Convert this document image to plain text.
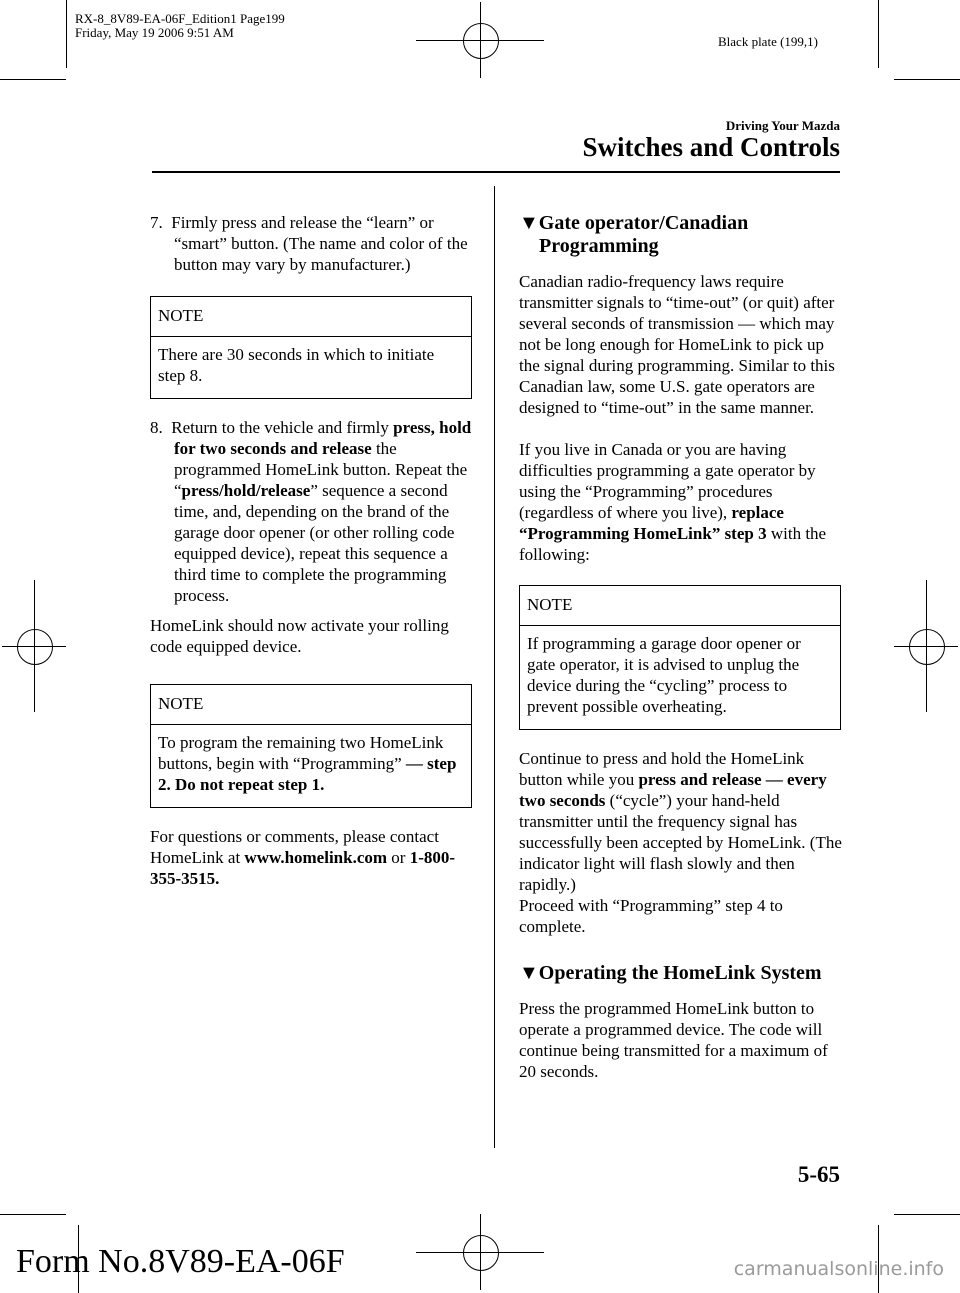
RX-8_8V89-EA-06F_Edition1 Page199
Friday, May 19 2006 9:51 AM
Black plate (199,1)
Driving Your Mazda
Switches and Controls

7. Firmly press and release the “learn” or “smart” button. (The name and color of the button may vary by manufacturer.)

NOTE
There are 30 seconds in which to initiate step 8.

8. Return to the vehicle and firmly press, hold for two seconds and release the programmed HomeLink button. Repeat the “press/hold/release” sequence a second time, and, depending on the brand of the garage door opener (or other rolling code equipped device), repeat this sequence a third time to complete the programming process.

HomeLink should now activate your rolling code equipped device.

NOTE
To program the remaining two HomeLink buttons, begin with “Programming” ― step 2. Do not repeat step 1.

For questions or comments, please contact HomeLink at www.homelink.com or 1-800-355-3515.

▼Gate operator/Canadian Programming

Canadian radio-frequency laws require transmitter signals to “time-out” (or quit) after several seconds of transmission ― which may not be long enough for HomeLink to pick up the signal during programming. Similar to this Canadian law, some U.S. gate operators are designed to “time-out” in the same manner.

If you live in Canada or you are having difficulties programming a gate operator by using the “Programming” procedures (regardless of where you live), replace “Programming HomeLink” step 3 with the following:

NOTE
If programming a garage door opener or gate operator, it is advised to unplug the device during the “cycling” process to prevent possible overheating.

Continue to press and hold the HomeLink button while you press and release ― every two seconds (“cycle”) your hand-held transmitter until the frequency signal has successfully been accepted by HomeLink. (The indicator light will flash slowly and then rapidly.)

Proceed with “Programming” step 4 to complete.

▼Operating the HomeLink System

Press the programmed HomeLink button to operate a programmed device. The code will continue being transmitted for a maximum of 20 seconds.

5-65
Form No.8V89-EA-06F	carmanualsonline.info
